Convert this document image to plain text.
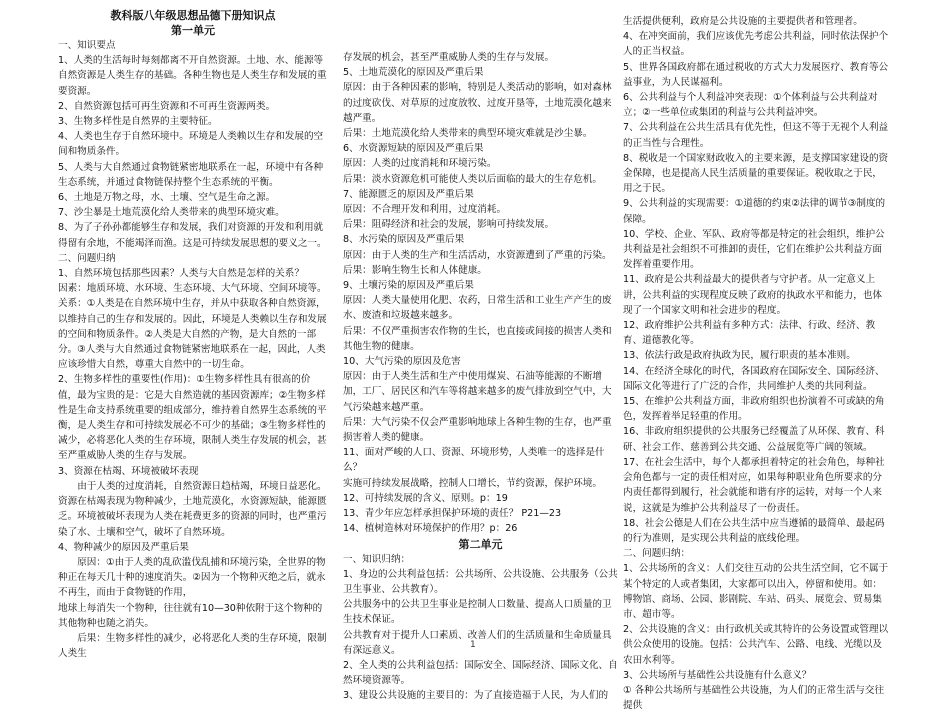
教科版八年级思想品德下册知识点

第一单元

一、知识要点

1、人类的生活每时每刻都离不开自然资源。土地、水、能源等自然资源是人类生存的基础。各种生物也是人类生存和发展的重要资源。

2、自然资源包括可再生资源和不可再生资源两类。

3、生物多样性是自然界的主要特征。

4、人类也生存于自然环境中。环境是人类赖以生存和发展的空间和物质条件。

5、人类与大自然通过食物链紧密地联系在一起，环境中有各种生态系统，并通过食物链保持整个生态系统的平衡。

6、土地是万物之母，水、土壤、空气是生命之源。

7、沙尘暴是土地荒漠化给人类带来的典型环境灾难。

8、为了子孙孙都能够生存和发展，我们对资源的开发和利用就得留有余地，不能竭泽而渔。这是可持续发展思想的要义之一。

二、问题归纳

1、自然环境包括那些因素？人类与大自然是怎样的关系？

因素：地质环境、水环境、生态环境、大气环境、空间环境等。

关系：①人类是在自然环境中生存，并从中获取各种自然资源，以维持自己的生存和发展的。因此，环境是人类赖以生存和发展的空间和物质条件。②人类是大自然的产物，是大自然的一部分。③人类与大自然通过食物链紧密地联系在一起，因此，人类应该珍惜大自然，尊重大自然中的一切生命。

2、生物多样性的重要性(作用)：①生物多样性具有很高的价值，最为宝贵的是：它是大自然造就的基因资源库；②生物多样性是生命支持系统重要的组成部分，维持着自然界生态系统的平衡，是人类生存和可持续发展必不可少的基础；③生物多样性的减少，必将恶化人类的生存环境，限制人类生存发展的机会，甚至严重威胁人类的生存与发展。

3、资源在枯竭、环境被破坏表现

由于人类的过度消耗，自然资源日趋枯竭，环境日益恶化。资源在枯竭表现为物种减少，土地荒漠化，水资源短缺，能源匮乏。环境被破坏表现为人类在耗费更多的资源的同时，也严重污染了水、土壤和空气，破坏了自然环境。

4、物种减少的原因及严重后果

原因：①由于人类的乱砍滥伐乱捕和环境污染，全世界的物种正在每天几十种的速度消失。②因为一个物种灭绝之后，就永不再生，而由于食物链的作用，

地球上每消失一个物种，往往就有10—30种依附于这个物种的其他物种也随之消失。

后果：生物多样性的减少，必将恶化人类的生存环境，限制人类生

存发展的机会，甚至严重威胁人类的生存与发展。

5、土地荒漠化的原因及严重后果

原因：由于各种因素的影响，特别是人类活动的影响，如对森林的过度砍伐、对草原的过度放牧、过度开垦等，土地荒漠化越来越严重。

后果：土地荒漠化给人类带来的典型环境灾难就是沙尘暴。

6、水资源短缺的原因及严重后果

原因：人类的过度消耗和环境污染。

后果：淡水资源危机可能使人类以后面临的最大的生存危机。

7、能源匮乏的原因及严重后果

原因：不合理开发和利用，过度消耗。

后果：阻碍经济和社会的发展，影响可持续发展。

8、水污染的原因及严重后果

原因：由于人类的生产和生活活动，水资源遭到了严重的污染。

后果：影响生物生长和人体健康。

9、土壤污染的原因及严重后果

原因：人类大量使用化肥、农药，日常生活和工业生产产生的废水、废渣和垃圾越来越多。

后果：不仅严重损害农作物的生长，也直接或间接的损害人类和其他生物的健康。

10、大气污染的原因及危害

原因：由于人类生活和生产中使用煤炭、石油等能源的不断增加，工厂、居民区和汽车等将越来越多的废气排放到空气中，大气污染越来越严重。

后果：大气污染不仅会严重影响地球上各种生物的生存，也严重损害着人类的健康。

11、面对严峻的人口、资源、环境形势，人类唯一的选择是什么？

实施可持续发展战略，控制人口增长，节约资源，保护环境。

12、可持续发展的含义、原则。p：19

13、青少年应怎样承担保护环境的责任？ P21—23

14、植树造林对环境保护的作用？p：26

第二单元

一、知识归纳：

1、身边的公共利益包括：公共场所、公共设施、公共服务（公共卫生事业、公共教育）。

公共服务中的公共卫生事业是控制人口数量、提高人口质量的卫生技术保证。

公共教育对于提升人口素质、改善人们的生活质量和生命质量具有深远意义。

2、全人类的公共利益包括：国际安全、国际经济、国际文化、自然环境资源等。

3、建设公共设施的主要目的：为了直接造福于人民，为人们的

生活提供便利，政府是公共设施的主要提供者和管理者。

4、在冲突面前，我们应该优先考虑公共利益，同时依法保护个人的正当权益。

5、世界各国政府都在通过税收的方式大力发展医疗、教育等公益事业，为人民谋福利。

6、公共利益与个人利益冲突表现：①个体利益与公共利益对立；②一些单位或集团的利益与公共利益冲突。

7、公共利益在公共生活具有优先性，但这不等于无视个人利益的正当性与合理性。

8、税收是一个国家财政收入的主要来源，是支撑国家建设的资金保障，也是提高人民生活质量的重要保证。税收取之于民，用之于民。

9、公共利益的实现需要：①道德的约束②法律的调节③制度的保障。

10、学校、企业、军队、政府等都是特定的社会组织，维护公共利益是社会组织不可推卸的责任，它们在维护公共利益方面发挥着重要作用。

11、政府是公共利益最大的提供者与守护者。从一定意义上讲，公共利益的实现程度反映了政府的执政水平和能力，也体现了一个国家文明和社会进步的程度。

12、政府维护公共利益有多种方式：法律、行政、经济、教育、道德教化等。

13、依法行政是政府执政为民，履行职责的基本准则。

14、在经济全球化的时代，各国政府在国际安全、国际经济、国际文化等进行了广泛的合作，共同维护人类的共同利益。

15、在维护公共利益方面，非政府组织也扮演着不可或缺的角色，发挥着举足轻重的作用。

16、非政府组织提供的公共服务已经覆盖了从环保、教育、科研、社会工作、慈善到公共交通、公益展览等广阔的领域。

17、在社会生活中，每个人都承担着特定的社会角色，每种社会角色都与一定的责任相对应，如果每种职业角色所要求的分内责任都得到履行，社会就能和谐有序的运转，对每一个人来说，这就是为维护公共利益尽了一份责任。

18、社会公德是人们在公共生活中应当遵循的最简单、最起码的行为准则，是实现公共利益的底线伦理。

二、问题归纳：

1、公共场所的含义：人们交往互动的公共生活空间，它不属于某个特定的人或者集团，大家都可以出入，停留和使用。如：博物馆、商场、公园、影剧院、车站、码头、展览会、贸易集市、超市等。

2、公共设施的含义：由行政机关或其特许的公务设置或管理以供公众使用的设施。包括：公共汽车、公路、电线、光缆以及农田水利等。

3、公共场所与基础性公共设施有什么意义？

① 各种公共场所与基础性公共设施，为人们的正常生活与交往提供

1
